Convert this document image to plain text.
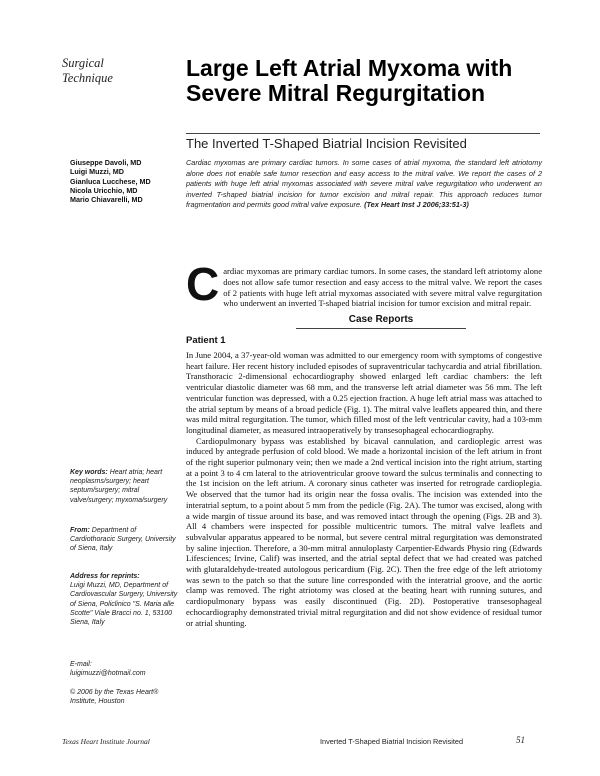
Surgical
Technique	Large Left Atrial Myxoma with Severe Mitral Regurgitation
The Inverted T-Shaped Biatrial Incision Revisited
Giuseppe Davoli, MD
Luigi Muzzi, MD
Gianluca Lucchese, MD
Nicola Uricchio, MD
Mario Chiavarelli, MD
Cardiac myxomas are primary cardiac tumors. In some cases of atrial myxoma, the standard left atriotomy alone does not enable safe tumor resection and easy access to the mitral valve. We report the cases of 2 patients with huge left atrial myxomas associated with severe mitral valve regurgitation who underwent an inverted T-shaped biatrial incision for tumor excision and mitral repair. This approach reduces tumor fragmentation and permits good mitral valve exposure. (Tex Heart Inst J 2006;33:51-3)
Cardiac myxomas are primary cardiac tumors. In some cases, the standard left atriotomy alone does not allow safe tumor resection and easy access to the mitral valve. We report the cases of 2 patients with huge left atrial myxomas associated with severe mitral valve regurgitation who underwent an inverted T-shaped biatrial incision for tumor excision and mitral repair.
Case Reports
Patient 1

In June 2004, a 37-year-old woman was admitted to our emergency room with symptoms of congestive heart failure. Her recent history included episodes of supraventricular tachycardia and atrial fibrillation. Transthoracic 2-dimensional echocardiography showed enlarged left cardiac chambers: the left ventricular diastolic diameter was 68 mm, and the transverse left atrial diameter was 56 mm. The left ventricular function was depressed, with a 0.25 ejection fraction. A huge left atrial mass was attached to the atrial septum by means of a broad pedicle (Fig. 1). The mitral valve leaflets appeared thin, and there was mild mitral regurgitation. The tumor, which filled most of the left ventricular cavity, had a 103-mm longitudinal diameter, as measured intraoperatively by transesophageal echocardiography.

Cardiopulmonary bypass was established by bicaval cannulation, and cardioplegic arrest was induced by antegrade perfusion of cold blood. We made a horizontal incision of the left atrium in front of the right superior pulmonary vein; then we made a 2nd vertical incision into the right atrium, starting at a point 3 to 4 cm lateral to the atrioventricular groove toward the sulcus terminalis and connecting to the 1st incision on the left atrium. A coronary sinus catheter was inserted for retrograde cardioplegia. We observed that the tumor had its origin near the fossa ovalis. The incision was extended into the interatrial septum, to a point about 5 mm from the pedicle (Fig. 2A). The tumor was excised, along with a wide margin of tissue around its base, and was removed intact through the opening (Figs. 2B and 3). All 4 chambers were inspected for possible multicentric tumors. The mitral valve leaflets and subvalvular apparatus appeared to be normal, but severe central mitral regurgitation was demonstrated by saline injection. Therefore, a 30-mm mitral annuloplasty Carpentier-Edwards Physio ring (Edwards Lifesciences; Irvine, Calif) was inserted, and the atrial septal defect that we had created was patched with glutaraldehyde-treated autologous pericardium (Fig. 2C). Then the free edge of the left atriotomy was sewn to the patch so that the suture line corresponded with the interatrial groove, and the aortic clamp was removed. The right atriotomy was closed at the beating heart with running sutures, and cardiopulmonary bypass was easily discontinued (Fig. 2D). Postoperative transesophageal echocardiography demonstrated trivial mitral regurgitation and did not show evidence of residual tumor or atrial shunting.

Key words: Heart atria; heart neoplasms/surgery; heart septum/surgery; mitral valve/surgery; myxoma/surgery
From: Department of Cardiothoracic Surgery, University of Siena, Italy
Address for reprints:
Luigi Muzzi, MD, Department of Cardiovascular Surgery, University of Siena, Policlinico "S. Maria alle Scotte" Viale Bracci no. 1, 53100 Siena, Italy
E-mail:
luigimuzzi@hotmail.com
© 2006 by the Texas Heart® Institute, Houston
Texas Heart Institute Journal	Inverted T-Shaped Biatrial Incision Revisited	51
